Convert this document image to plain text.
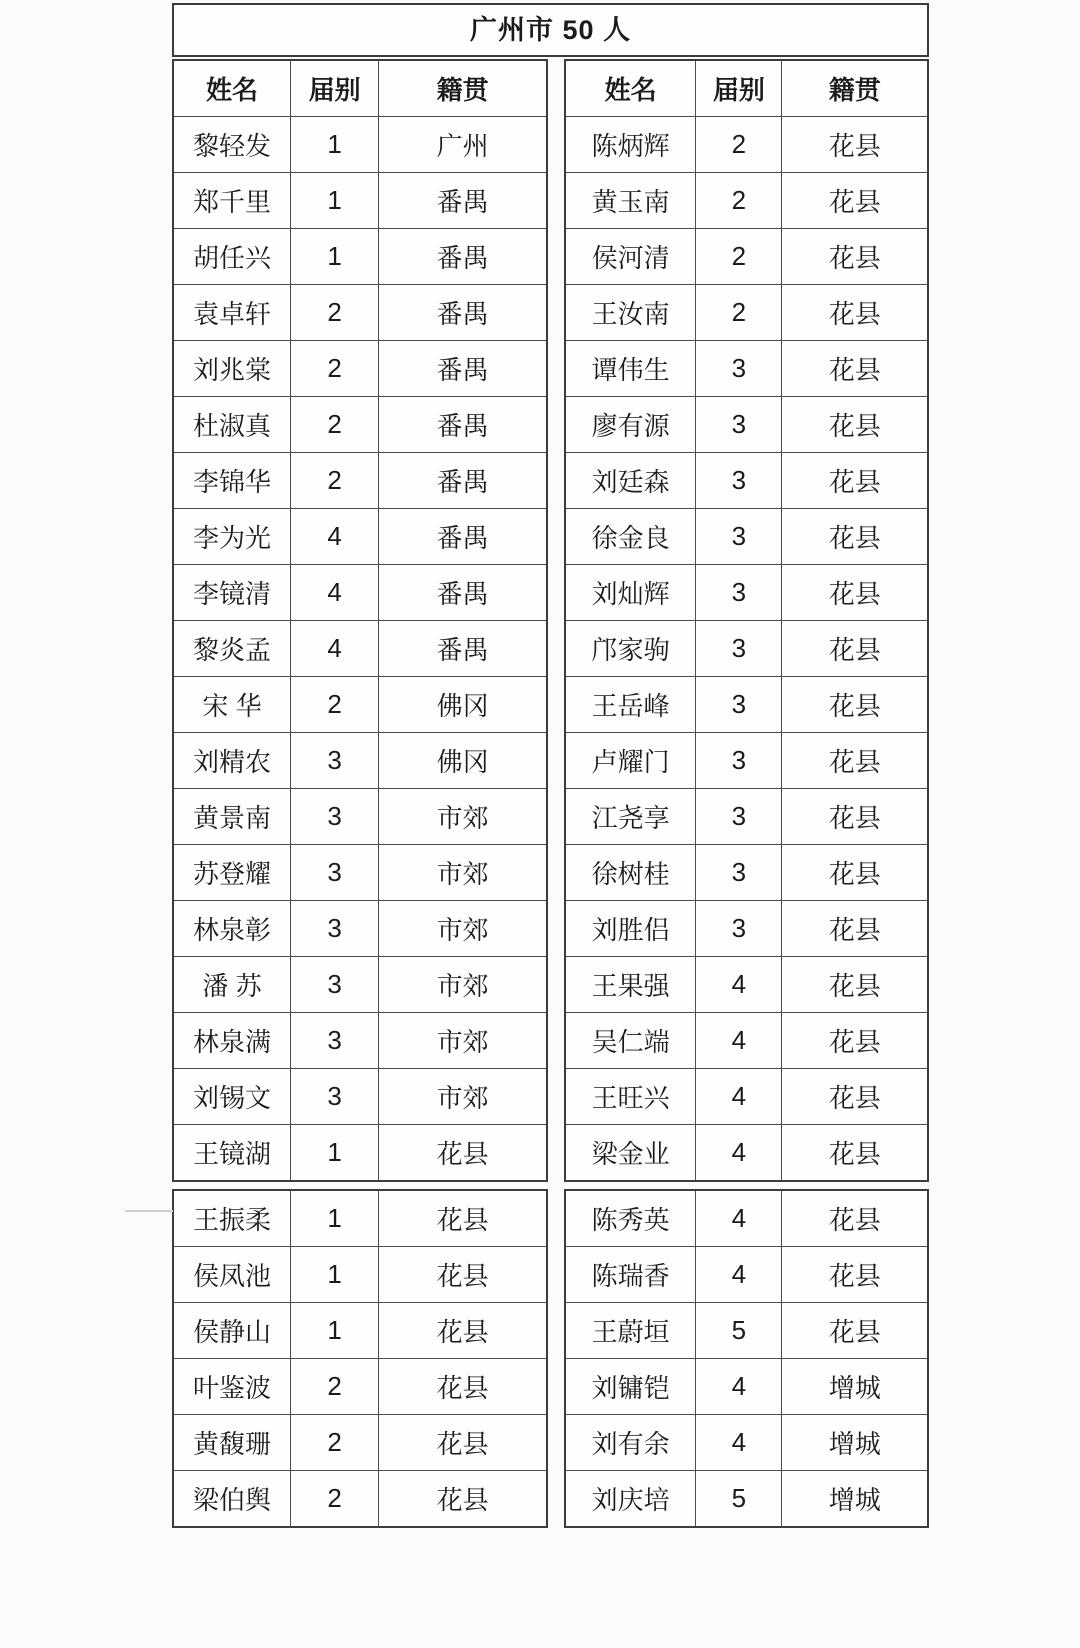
广州市 50 人
姓名	届别	籍贯
黎轻发	1	广州
郑千里	1	番禺
胡任兴	1	番禺
袁卓轩	2	番禺
刘兆棠	2	番禺
杜淑真	2	番禺
李锦华	2	番禺
李为光	4	番禺
李镜清	4	番禺
黎炎孟	4	番禺
宋 华	2	佛冈
刘精农	3	佛冈
黄景南	3	市郊
苏登耀	3	市郊
林泉彰	3	市郊
潘 苏	3	市郊
林泉满	3	市郊
刘锡文	3	市郊
王镜湖	1	花县
王振柔	1	花县
侯凤池	1	花县
侯静山	1	花县
叶鉴波	2	花县
黄馥珊	2	花县
梁伯舆	2	花县
姓名	届别	籍贯
陈炳辉	2	花县
黄玉南	2	花县
侯河清	2	花县
王汝南	2	花县
谭伟生	3	花县
廖有源	3	花县
刘廷森	3	花县
徐金良	3	花县
刘灿辉	3	花县
邝家驹	3	花县
王岳峰	3	花县
卢耀门	3	花县
江尧享	3	花县
徐树桂	3	花县
刘胜侣	3	花县
王果强	4	花县
吴仁端	4	花县
王旺兴	4	花县
梁金业	4	花县
陈秀英	4	花县
陈瑞香	4	花县
王蔚垣	5	花县
刘镛铠	4	增城
刘有余	4	增城
刘庆培	5	增城
